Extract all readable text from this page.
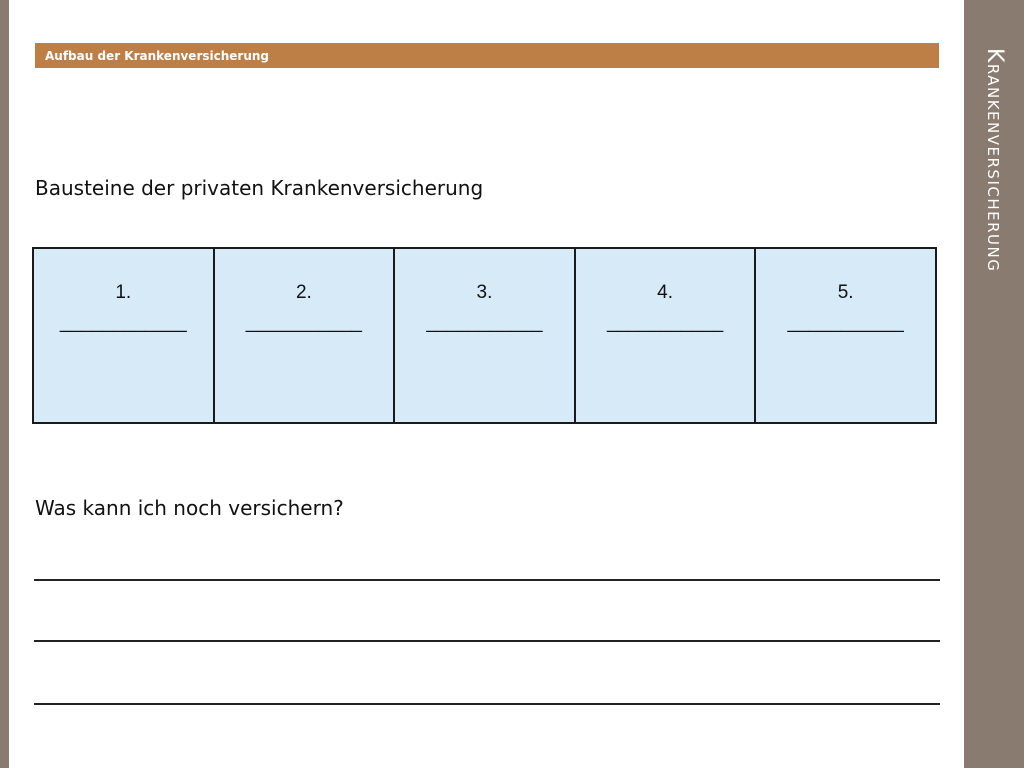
Krankenversicherung
Aufbau der Krankenversicherung
Bausteine der privaten Krankenversicherung
1.
____________
2.
___________
3.
___________
4.
___________
5.
___________
Was kann ich noch versichern?
